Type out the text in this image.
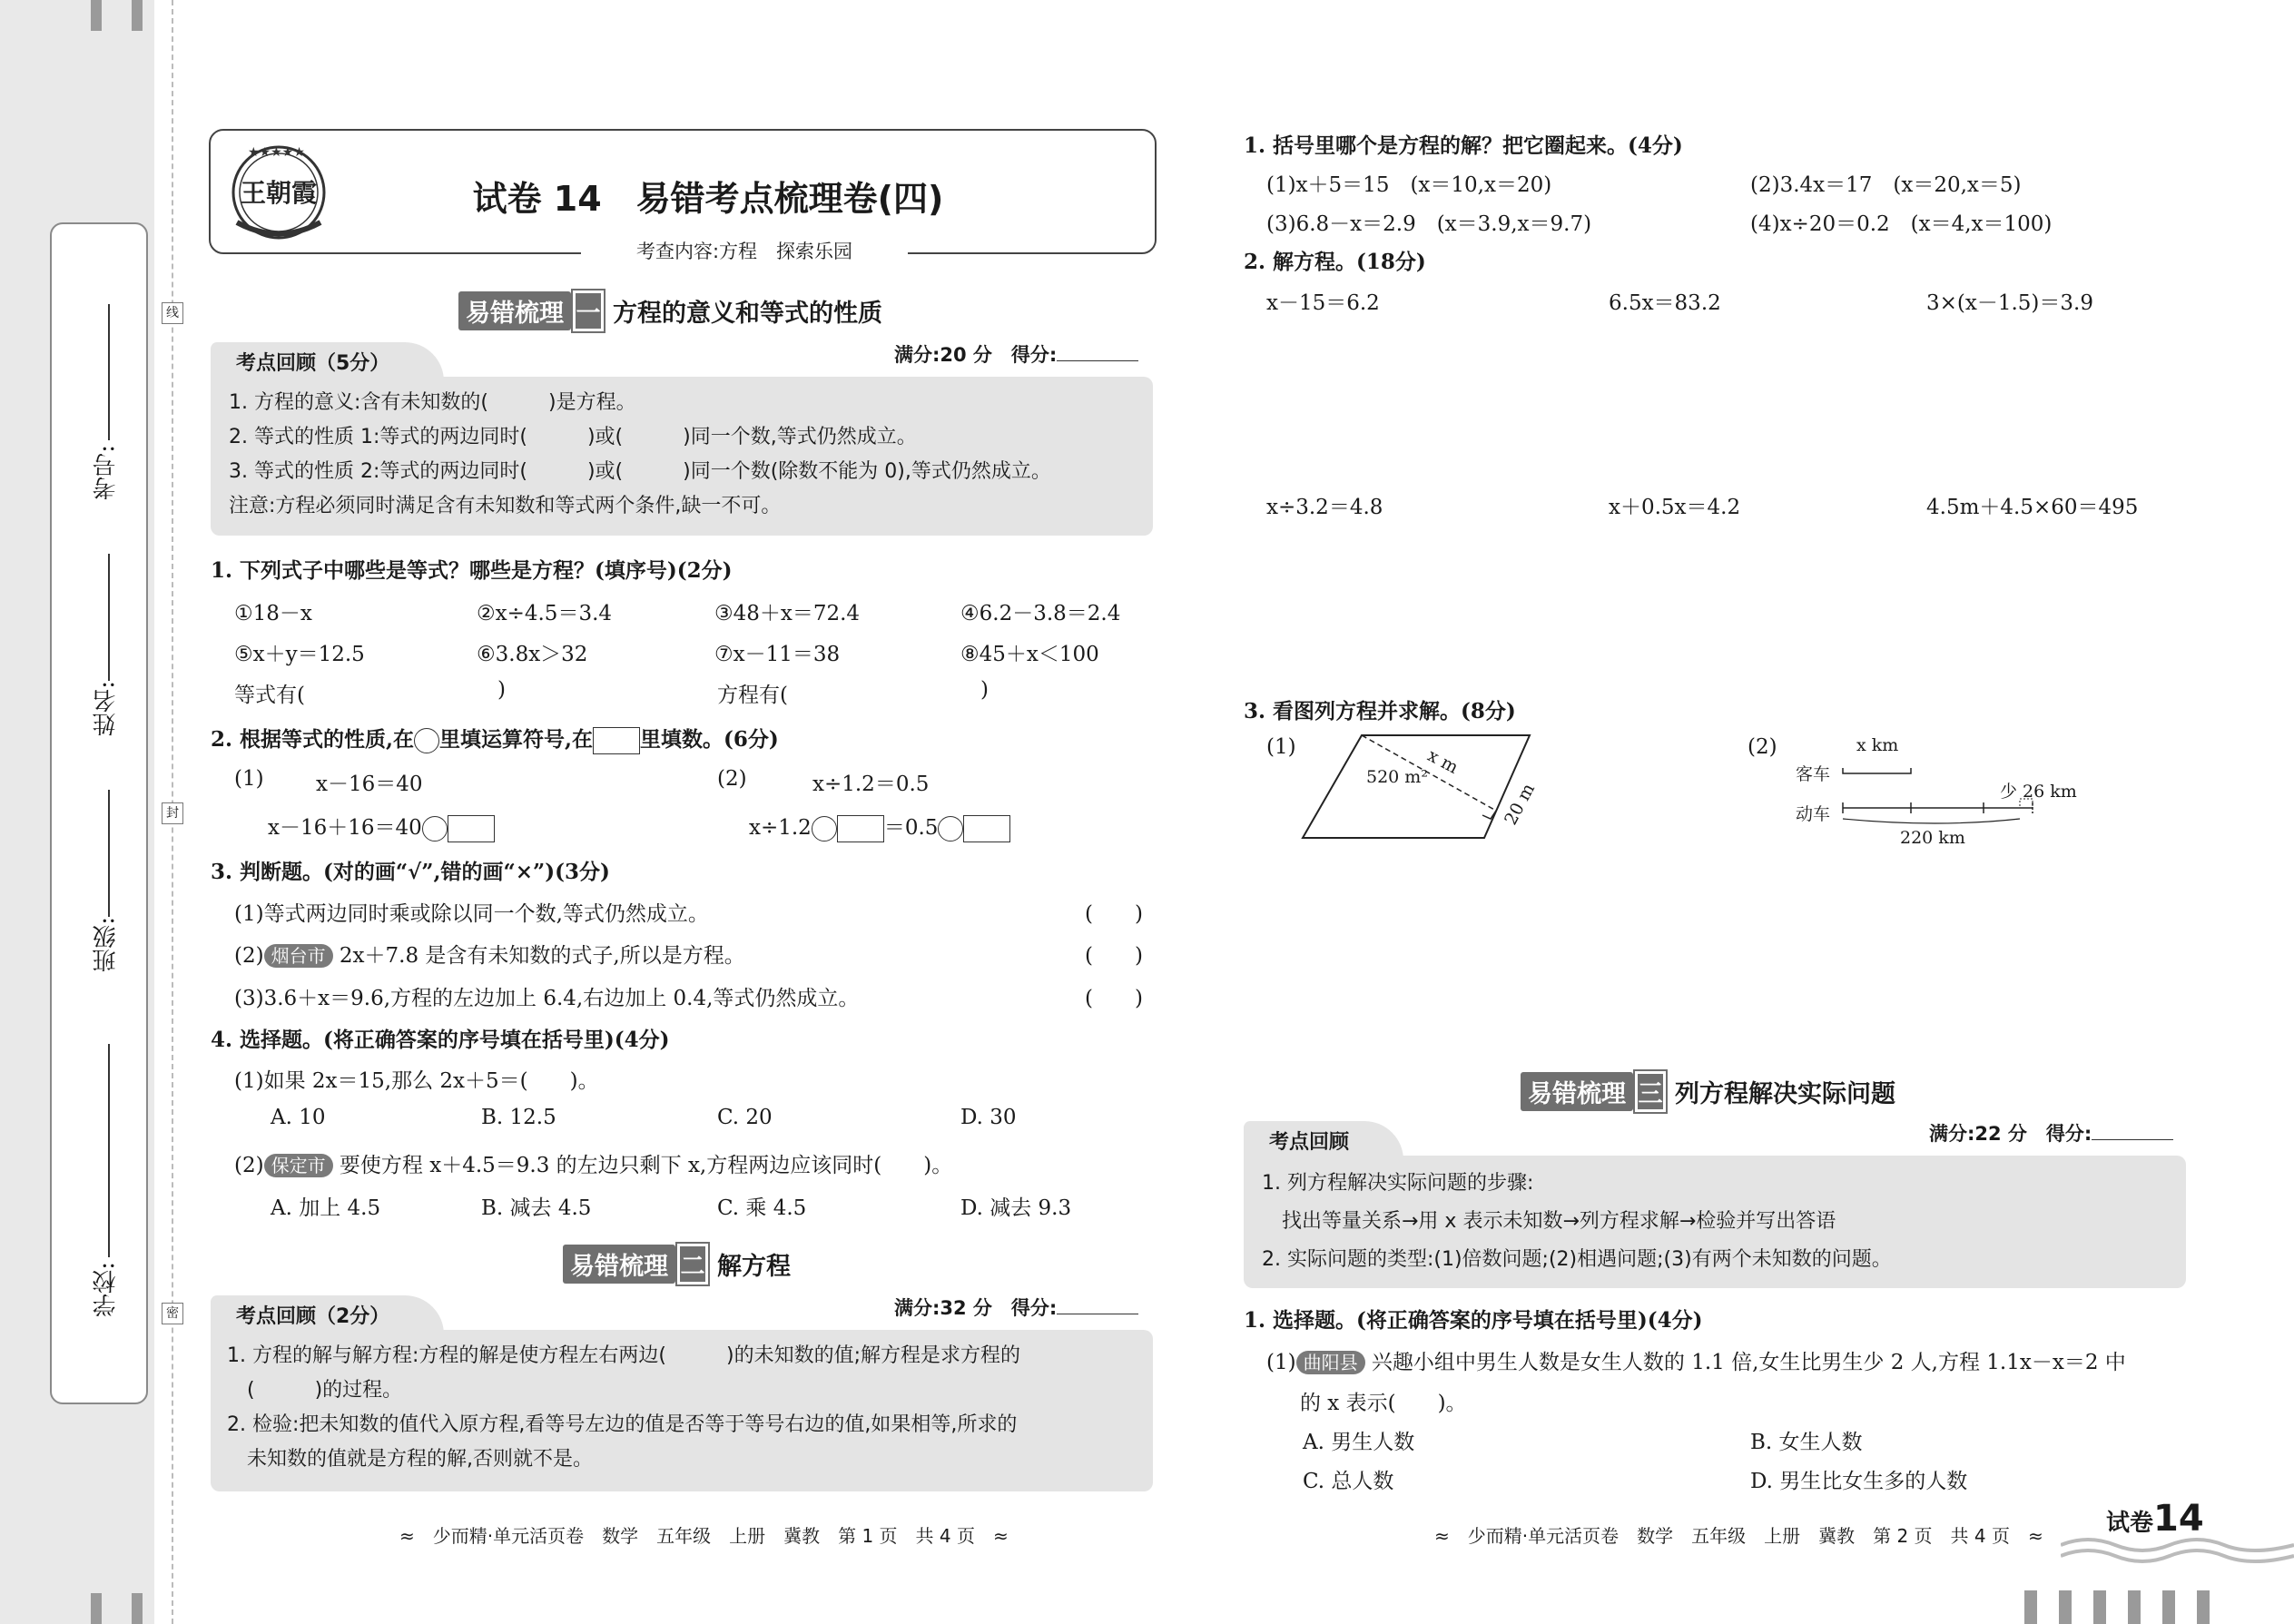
考号:
姓名:
班级:
学校:
线
封
密
王朝霞
★★★★★
试卷 14　易错考点梳理卷(四)
考查内容:方程　探索乐园
易错梳理 一 方程的意义和等式的性质
考点回顾（5分）	满分:20 分　得分:
1. 方程的意义:含有未知数的(　　　)是方程。
2. 等式的性质 1:等式的两边同时(　　　)或(　　　)同一个数,等式仍然成立。
3. 等式的性质 2:等式的两边同时(　　　)或(　　　)同一个数(除数不能为 0),等式仍然成立。
注意:方程必须同时满足含有未知数和等式两个条件,缺一不可。
1. 下列式子中哪些是等式？哪些是方程？(填序号)(2分)
①18－x	②x÷4.5＝3.4	③48＋x＝72.4	④6.2－3.8＝2.4
⑤x＋y＝12.5	⑥3.8x＞32	⑦x－11＝38	⑧45＋x＜100
等式有(	)	方程有(	)
2. 根据等式的性质,在 里填运算符号,在 里填数。(6分)
(1) x－16＝40
x－16＋16＝40
(2)	x÷1.2＝0.5
x÷1.2	＝0.5
3. 判断题。(对的画“√”,错的画“×”)(3分)
(1)等式两边同时乘或除以同一个数,等式仍然成立。	(　　)
(2) 烟台市 2x＋7.8 是含有未知数的式子,所以是方程。	(　　)
(3)3.6＋x＝9.6,方程的左边加上 6.4,右边加上 0.4,等式仍然成立。	(　　)
4. 选择题。(将正确答案的序号填在括号里)(4分)
(1)如果 2x＝15,那么 2x＋5＝(　　)。
A. 10	B. 12.5	C. 20	D. 30
(2) 保定市 要使方程 x＋4.5＝9.3 的左边只剩下 x,方程两边应该同时(　　)。
A. 加上 4.5	B. 减去 4.5	C. 乘 4.5	D. 减去 9.3
易错梳理 二 解方程
考点回顾（2分）	满分:32 分　得分:
1. 方程的解与解方程:方程的解是使方程左右两边(　　　)的未知数的值;解方程是求方程的
(　　　)的过程。
2. 检验:把未知数的值代入原方程,看等号左边的值是否等于等号右边的值,如果相等,所求的
未知数的值就是方程的解,否则就不是。
≈　少而精·单元活页卷　数学　五年级　上册　冀教　第 1 页　共 4 页　≈
1. 括号里哪个是方程的解？把它圈起来。(4分)
(1)x＋5＝15　(x＝10,x＝20)	(2)3.4x＝17　(x＝20,x＝5)
(3)6.8－x＝2.9　(x＝3.9,x＝9.7)	(4)x÷20＝0.2　(x＝4,x＝100)
2. 解方程。(18分)
x－15＝6.2	6.5x＝83.2	3×(x－1.5)＝3.9
x÷3.2＝4.8	x＋0.5x＝4.2	4.5m＋4.5×60＝495
3. 看图列方程并求解。(8分)
(1)
520 m²
x m
20 m
(2)	x km
客车
动车
少 26 km
220 km
易错梳理 三 列方程解决实际问题
考点回顾	满分:22 分　得分:
1. 列方程解决实际问题的步骤:
找出等量关系→用 x 表示未知数→列方程求解→检验并写出答语
2. 实际问题的类型:(1)倍数问题;(2)相遇问题;(3)有两个未知数的问题。
1. 选择题。(将正确答案的序号填在括号里)(4分)
(1) 曲阳县 兴趣小组中男生人数是女生人数的 1.1 倍,女生比男生少 2 人,方程 1.1x－x＝2 中
的 x 表示(　　)。
A. 男生人数	B. 女生人数
C. 总人数	D. 男生比女生多的人数
≈　少而精·单元活页卷　数学　五年级　上册　冀教　第 2 页　共 4 页　≈	试卷14
